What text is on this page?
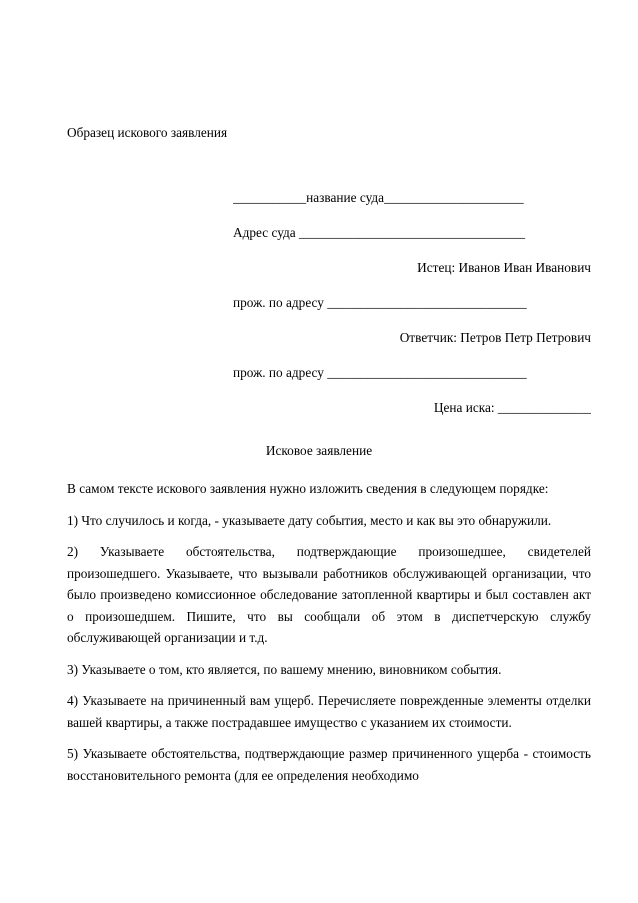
Образец искового заявления
___________название суда_____________________
Адрес суда __________________________________
Истец: Иванов Иван Иванович
прож. по адресу ______________________________
Ответчик: Петров Петр Петрович
прож. по адресу ______________________________
Цена иска: ______________
Исковое заявление

В самом тексте искового заявления нужно изложить сведения в следующем порядке:

1) Что случилось и когда, - указываете дату события, место и как вы это обнаружили.

2) Указываете обстоятельства, подтверждающие произошедшее, свидетелей произошедшего. Указываете, что вызывали работников обслуживающей организации, что было произведено комиссионное обследование затопленной квартиры и был составлен акт о произошедшем. Пишите, что вы сообщали об этом в диспетчерскую службу обслуживающей организации и т.д.

3) Указываете о том, кто является, по вашему мнению, виновником события.

4) Указываете на причиненный вам ущерб. Перечисляете поврежденные элементы отделки вашей квартиры, а также пострадавшее имущество с указанием их стоимости.

5) Указываете обстоятельства, подтверждающие размер причиненного ущерба - стоимость восстановительного ремонта (для ее определения необходимо
